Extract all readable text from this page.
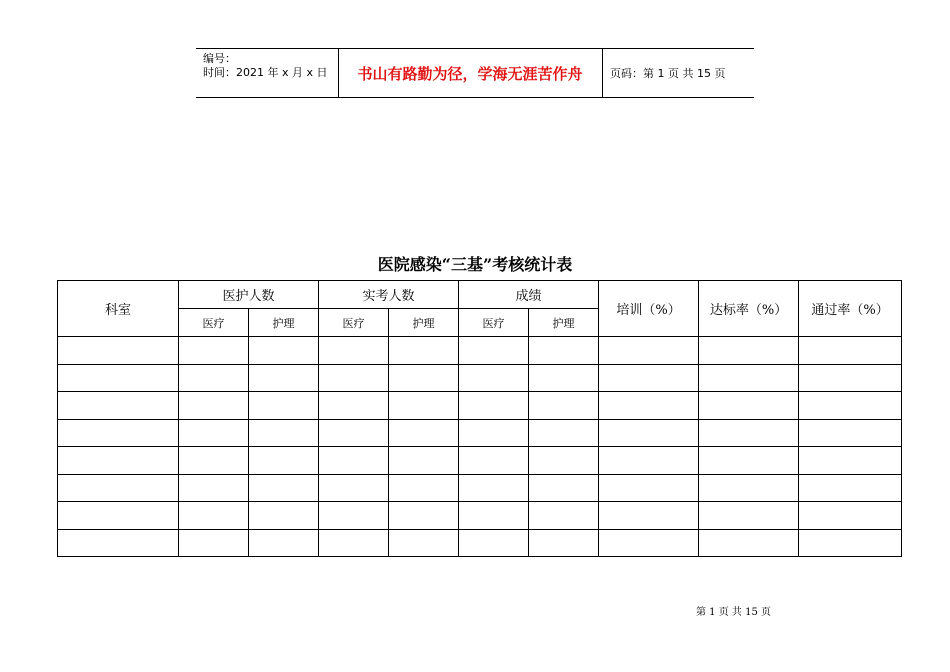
编号：
时间：2021 年 x 月 x 日	书山有路勤为径，学海无涯苦作舟	页码：第 1 页 共 15 页
医院感染“三基”考核统计表
科室	医护人数		实考人数		成绩		培训（%）	达标率（%）	通过率（%）
	医疗	护理	医疗	护理	医疗	护理			

第 1 页 共 15 页
